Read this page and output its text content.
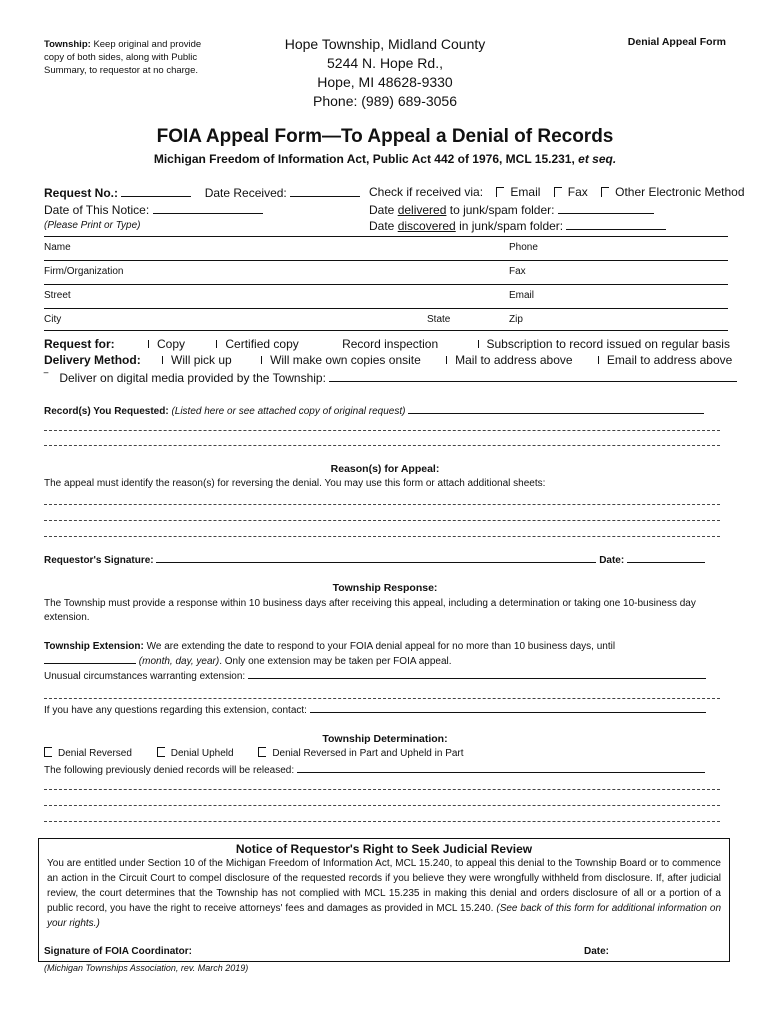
Township: Keep original and provide copy of both sides, along with Public Summary, to requestor at no charge.
Hope Township, Midland County
5244 N. Hope Rd.,
Hope, MI 48628-9330
Phone: (989) 689-3056
Denial Appeal Form
FOIA Appeal Form—To Appeal a Denial of Records
Michigan Freedom of Information Act, Public Act 442 of 1976, MCL 15.231, et seq.
Request No.:	Date Received:	Check if received via: Email Fax Other Electronic Method
Date of This Notice:	Date delivered to junk/spam folder:
(Please Print or Type)	Date discovered in junk/spam folder:
Name	Phone
Firm/Organization	Fax
Street	Email
City	State	Zip
Request for:	Copy	Certified copy	Record inspection	Subscription to record issued on regular basis
Delivery Method:	Will pick up	Will make own copies onsite	Mail to address above	Email to address above
‾ Deliver on digital media provided by the Township:
Record(s) You Requested: (Listed here or see attached copy of original request)
Reason(s) for Appeal:
The appeal must identify the reason(s) for reversing the denial. You may use this form or attach additional sheets:
Requestor's Signature:	Date:
Township Response:
The Township must provide a response within 10 business days after receiving this appeal, including a determination or taking one 10-business day extension.
Township Extension: We are extending the date to respond to your FOIA denial appeal for no more than 10 business days, until
(month, day, year). Only one extension may be taken per FOIA appeal.
Unusual circumstances warranting extension:
If you have any questions regarding this extension, contact:
Township Determination:
Denial Reversed	Denial Upheld	Denial Reversed in Part and Upheld in Part
The following previously denied records will be released:
Notice of Requestor's Right to Seek Judicial Review
You are entitled under Section 10 of the Michigan Freedom of Information Act, MCL 15.240, to appeal this denial to the Township Board or to commence an action in the Circuit Court to compel disclosure of the requested records if you believe they were wrongfully withheld from disclosure. If, after judicial review, the court determines that the Township has not complied with MCL 15.235 in making this denial and orders disclosure of all or a portion of a public record, you have the right to receive attorneys' fees and damages as provided in MCL 15.240. (See back of this form for additional information on your rights.)
Signature of FOIA Coordinator:	Date:
(Michigan Townships Association, rev. March 2019)
